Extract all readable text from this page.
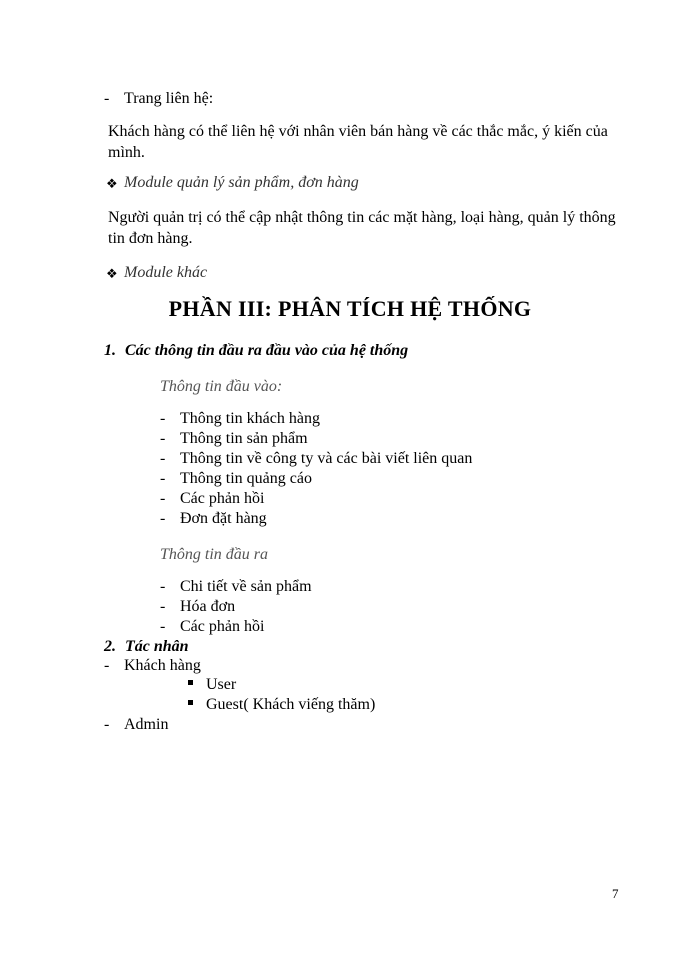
- Trang liên hệ:

Khách hàng có thể liên hệ với nhân viên bán hàng về các thắc mắc, ý kiến của mình.

❖ Module quản lý sản phẩm, đơn hàng

Người quản trị có thể cập nhật thông tin các mặt hàng, loại hàng, quản lý thông tin đơn hàng.

❖ Module khác
PHẦN III: PHÂN TÍCH HỆ THỐNG
1. Các thông tin đầu ra đầu vào của hệ thống
Thông tin đầu vào:
- Thông tin khách hàng
- Thông tin sản phẩm
- Thông tin về công ty và các bài viết liên quan
- Thông tin quảng cáo
- Các phản hồi
- Đơn đặt hàng
Thông tin đầu ra
- Chi tiết về sản phẩm
- Hóa đơn
- Các phản hồi
2. Tác nhân
- Khách hàng
User
Guest( Khách viếng thăm)
- Admin
7
